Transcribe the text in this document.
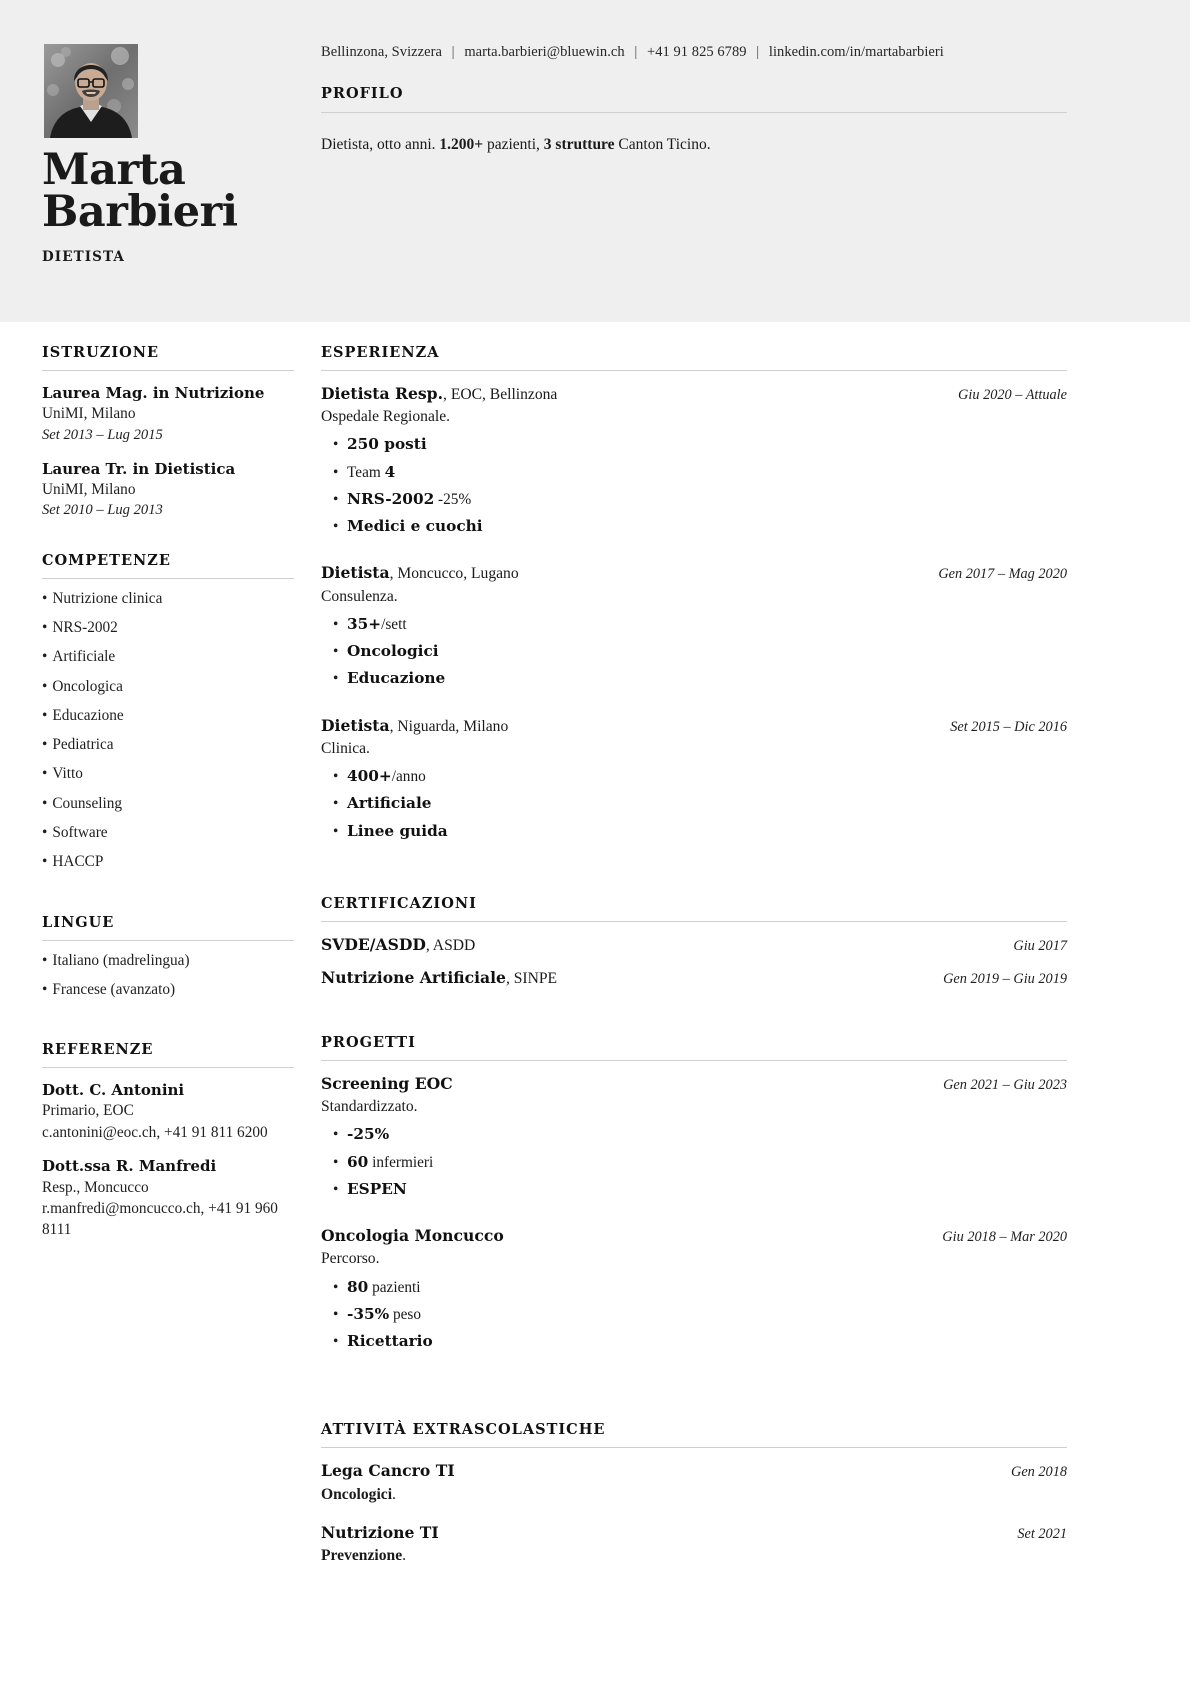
Marta
Barbieri
DIETISTA
Bellinzona, Svizzera | marta.barbieri@bluewin.ch | +41 91 825 6789 | linkedin.com/in/martabarbieri
PROFILO
Dietista, otto anni. 1.200+ pazienti, 3 strutture Canton Ticino.
ISTRUZIONE
Laurea Mag. in Nutrizione
UniMI, Milano
Set 2013 – Lug 2015
Laurea Tr. in Dietistica
UniMI, Milano
Set 2010 – Lug 2013
COMPETENZE
• Nutrizione clinica
• NRS-2002
• Artificiale
• Oncologica
• Educazione
• Pediatrica
• Vitto
• Counseling
• Software
• HACCP
LINGUE
• Italiano (madrelingua)
• Francese (avanzato)
REFERENZE
Dott. C. Antonini
Primario, EOC
c.antonini@eoc.ch, +41 91 811 6200
Dott.ssa R. Manfredi
Resp., Moncucco
r.manfredi@moncucco.ch, +41 91 960 8111
ESPERIENZA
Dietista Resp., EOC, Bellinzona	Giu 2020 – Attuale
Ospedale Regionale.
• 250 posti
• Team 4
• NRS-2002 -25%
• Medici e cuochi
Dietista, Moncucco, Lugano	Gen 2017 – Mag 2020
Consulenza.
• 35+/sett
• Oncologici
• Educazione
Dietista, Niguarda, Milano	Set 2015 – Dic 2016
Clinica.
• 400+/anno
• Artificiale
• Linee guida
CERTIFICAZIONI
SVDE/ASDD, ASDD	Giu 2017
Nutrizione Artificiale, SINPE	Gen 2019 – Giu 2019
PROGETTI
Screening EOC	Gen 2021 – Giu 2023
Standardizzato.
• -25%
• 60 infermieri
• ESPEN
Oncologia Moncucco	Giu 2018 – Mar 2020
Percorso.
• 80 pazienti
• -35% peso
• Ricettario
ATTIVITÀ EXTRASCOLASTICHE
Lega Cancro TI	Gen 2018
Oncologici.
Nutrizione TI	Set 2021
Prevenzione.
